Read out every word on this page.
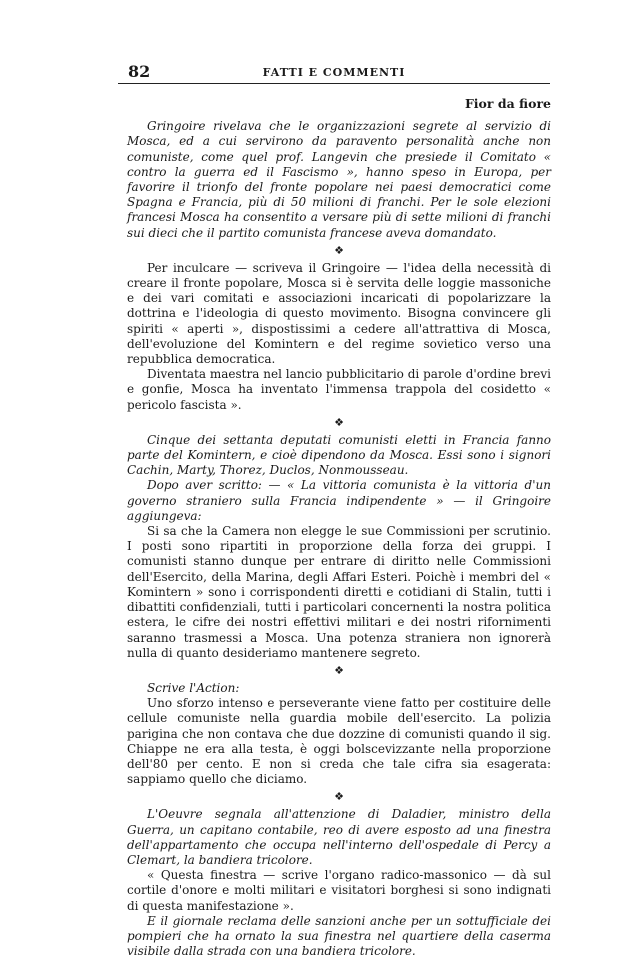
82	FATTI E COMMENTI
Fior da fiore

Gringoire rivelava che le organizzazioni segrete al servizio di Mosca, ed a cui servirono da paravento personalità anche non comuniste, come quel prof. Langevin che presiede il Comitato « contro la guerra ed il Fascismo », hanno speso in Europa, per favorire il trionfo del fronte popolare nei paesi democratici come Spagna e Francia, più di 50 milioni di franchi. Per le sole elezioni francesi Mosca ha consentito a versare più di sette milioni di franchi sui dieci che il partito comunista francese aveva domandato.

❖

Per inculcare — scriveva il Gringoire — l'idea della necessità di creare il fronte popolare, Mosca si è servita delle loggie massoniche e dei vari comitati e associazioni incaricati di popolarizzare la dottrina e l'ideologia di questo movimento. Bisogna convincere gli spiriti « aperti », dispostissimi a cedere all'attrattiva di Mosca, dell'evoluzione del Komintern e del regime sovietico verso una repubblica democratica.

Diventata maestra nel lancio pubblicitario di parole d'ordine brevi e gonfie, Mosca ha inventato l'immensa trappola del cosidetto « pericolo fascista ».

❖

Cinque dei settanta deputati comunisti eletti in Francia fanno parte del Komintern, e cioè dipendono da Mosca. Essi sono i signori Cachin, Marty, Thorez, Duclos, Nonmousseau.

Dopo aver scritto: — « La vittoria comunista è la vittoria d'un governo straniero sulla Francia indipendente » — il Gringoire aggiungeva:

Si sa che la Camera non elegge le sue Commissioni per scrutinio. I posti sono ripartiti in proporzione della forza dei gruppi. I comunisti stanno dunque per entrare di diritto nelle Commissioni dell'Esercito, della Marina, degli Affari Esteri. Poichè i membri del « Komintern » sono i corrispondenti diretti e cotidiani di Stalin, tutti i dibattiti confidenziali, tutti i particolari concernenti la nostra politica estera, le cifre dei nostri effettivi militari e dei nostri rifornimenti saranno trasmessi a Mosca. Una potenza straniera non ignorerà nulla di quanto desideriamo mantenere segreto.

❖

Scrive l'Action:

Uno sforzo intenso e perseverante viene fatto per costituire delle cellule comuniste nella guardia mobile dell'esercito. La polizia parigina che non contava che due dozzine di comunisti quando il sig. Chiappe ne era alla testa, è oggi bolscevizzante nella proporzione dell'80 per cento. E non si creda che tale cifra sia esagerata: sappiamo quello che diciamo.

❖

L'Oeuvre segnala all'attenzione di Daladier, ministro della Guerra, un capitano contabile, reo di avere esposto ad una finestra dell'appartamento che occupa nell'interno dell'ospedale di Percy a Clemart, la bandiera tricolore.

« Questa finestra — scrive l'organo radico-massonico — dà sul cortile d'onore e molti militari e visitatori borghesi si sono indignati di questa manifestazione ».

E il giornale reclama delle sanzioni anche per un sottufficiale dei pompieri che ha ornato la sua finestra nel quartiere della caserma visibile dalla strada con una bandiera tricolore.
